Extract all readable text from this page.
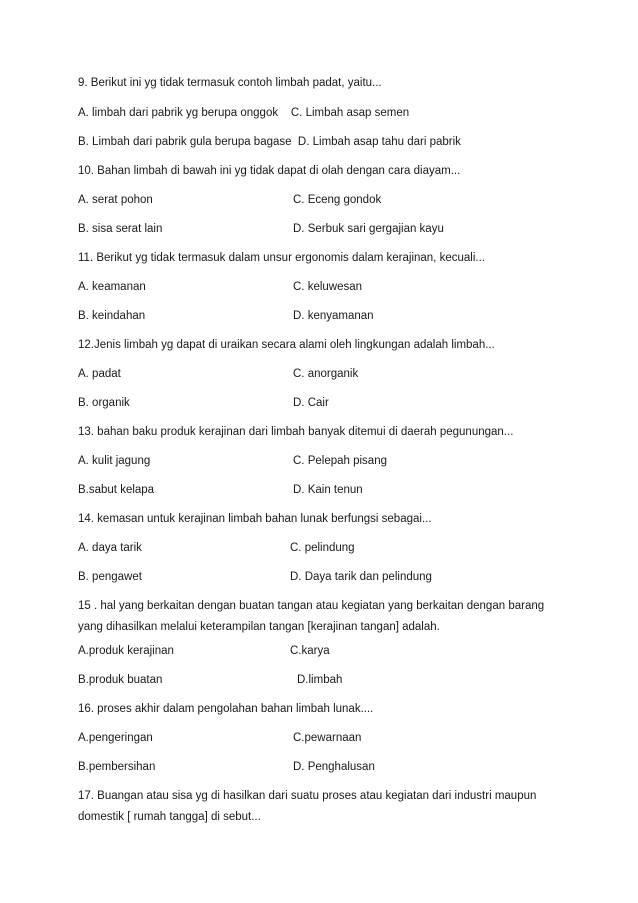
9. Berikut ini yg tidak termasuk contoh limbah padat, yaitu...
A. limbah dari pabrik yg berupa onggok    C. Limbah asap semen
B. Limbah dari pabrik gula berupa bagase  D. Limbah asap tahu dari pabrik
10. Bahan limbah di bawah ini yg tidak dapat di olah dengan cara diayam...
A. serat pohon	C. Eceng gondok
B. sisa serat lain	D. Serbuk sari gergajian kayu
11. Berikut yg tidak termasuk dalam unsur ergonomis dalam kerajinan, kecuali...
A. keamanan	C. keluwesan
B. keindahan	D. kenyamanan
12.Jenis limbah yg dapat di uraikan secara alami oleh lingkungan adalah limbah...
A. padat	C. anorganik
B. organik	D. Cair
13. bahan baku produk kerajinan dari limbah banyak ditemui di daerah pegunungan...
A. kulit jagung	C. Pelepah pisang
B.sabut kelapa	D. Kain tenun
14. kemasan untuk kerajinan limbah bahan lunak berfungsi sebagai...
A. daya tarik	C. pelindung
B. pengawet	D. Daya tarik dan pelindung
15 . hal yang berkaitan dengan buatan tangan atau kegiatan yang berkaitan dengan barang yang dihasilkan melalui keterampilan tangan [kerajinan tangan] adalah.
A.produk kerajinan	C.karya
B.produk buatan	D.limbah
16. proses akhir dalam pengolahan bahan limbah lunak....
A.pengeringan	C.pewarnaan
B.pembersihan	D. Penghalusan
17. Buangan atau sisa yg di hasilkan dari suatu proses atau kegiatan dari industri maupun domestik [ rumah tangga] di sebut...
